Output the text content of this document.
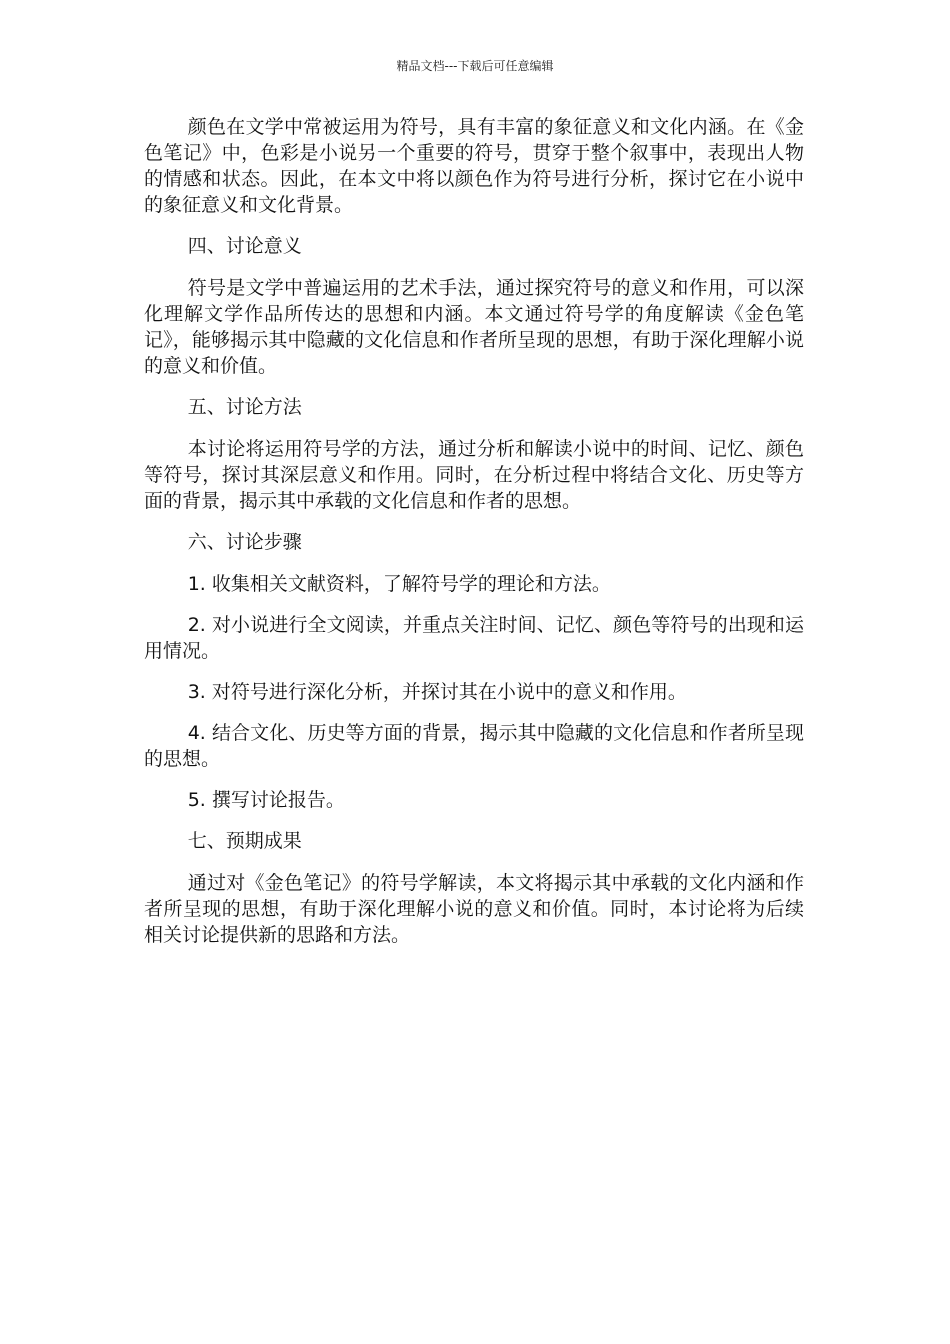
精品文档---下载后可任意编辑

颜色在文学中常被运用为符号，具有丰富的象征意义和文化内涵。在《金色笔记》中，色彩是小说另一个重要的符号，贯穿于整个叙事中，表现出人物的情感和状态。因此，在本文中将以颜色作为符号进行分析，探讨它在小说中的象征意义和文化背景。

四、讨论意义

符号是文学中普遍运用的艺术手法，通过探究符号的意义和作用，可以深化理解文学作品所传达的思想和内涵。本文通过符号学的角度解读《金色笔记》，能够揭示其中隐藏的文化信息和作者所呈现的思想，有助于深化理解小说的意义和价值。

五、讨论方法

本讨论将运用符号学的方法，通过分析和解读小说中的时间、记忆、颜色等符号，探讨其深层意义和作用。同时，在分析过程中将结合文化、历史等方面的背景，揭示其中承载的文化信息和作者的思想。

六、讨论步骤

1. 收集相关文献资料，了解符号学的理论和方法。

2. 对小说进行全文阅读，并重点关注时间、记忆、颜色等符号的出现和运用情况。

3. 对符号进行深化分析，并探讨其在小说中的意义和作用。

4. 结合文化、历史等方面的背景，揭示其中隐藏的文化信息和作者所呈现的思想。

5. 撰写讨论报告。

七、预期成果

通过对《金色笔记》的符号学解读，本文将揭示其中承载的文化内涵和作者所呈现的思想，有助于深化理解小说的意义和价值。同时，本讨论将为后续相关讨论提供新的思路和方法。
